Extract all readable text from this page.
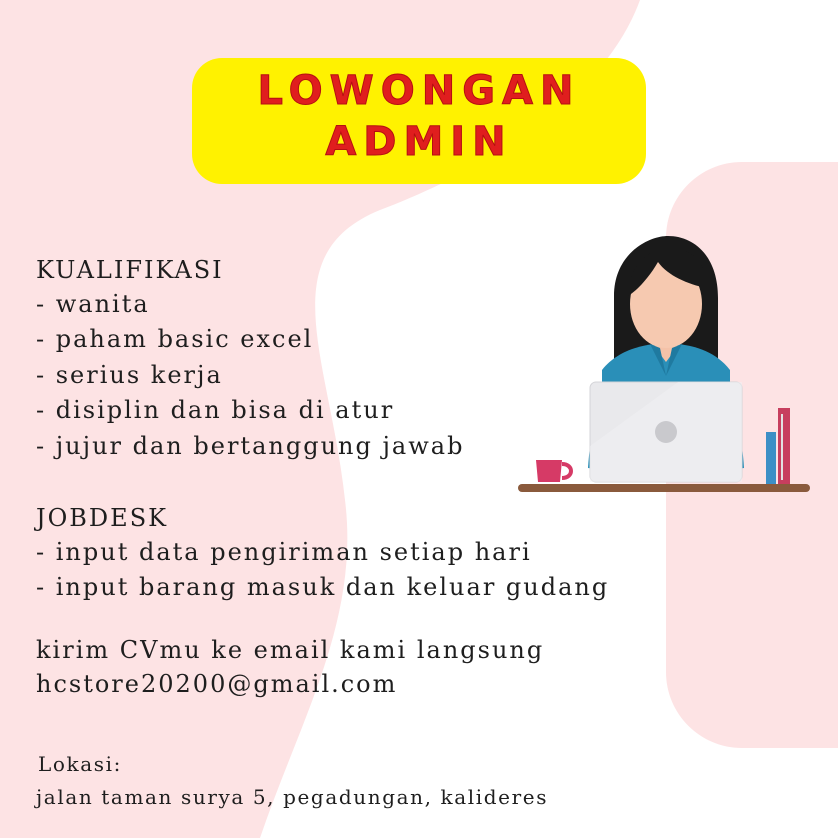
LOWONGAN
ADMIN
KUALIFIKASI
- wanita
- paham basic excel
- serius kerja
- disiplin dan bisa di atur
- jujur dan bertanggung jawab
JOBDESK
- input data pengiriman setiap hari
- input barang masuk dan keluar gudang
kirim CVmu ke email kami langsung
hcstore20200@gmail.com
Lokasi:
jalan taman surya 5, pegadungan, kalideres
